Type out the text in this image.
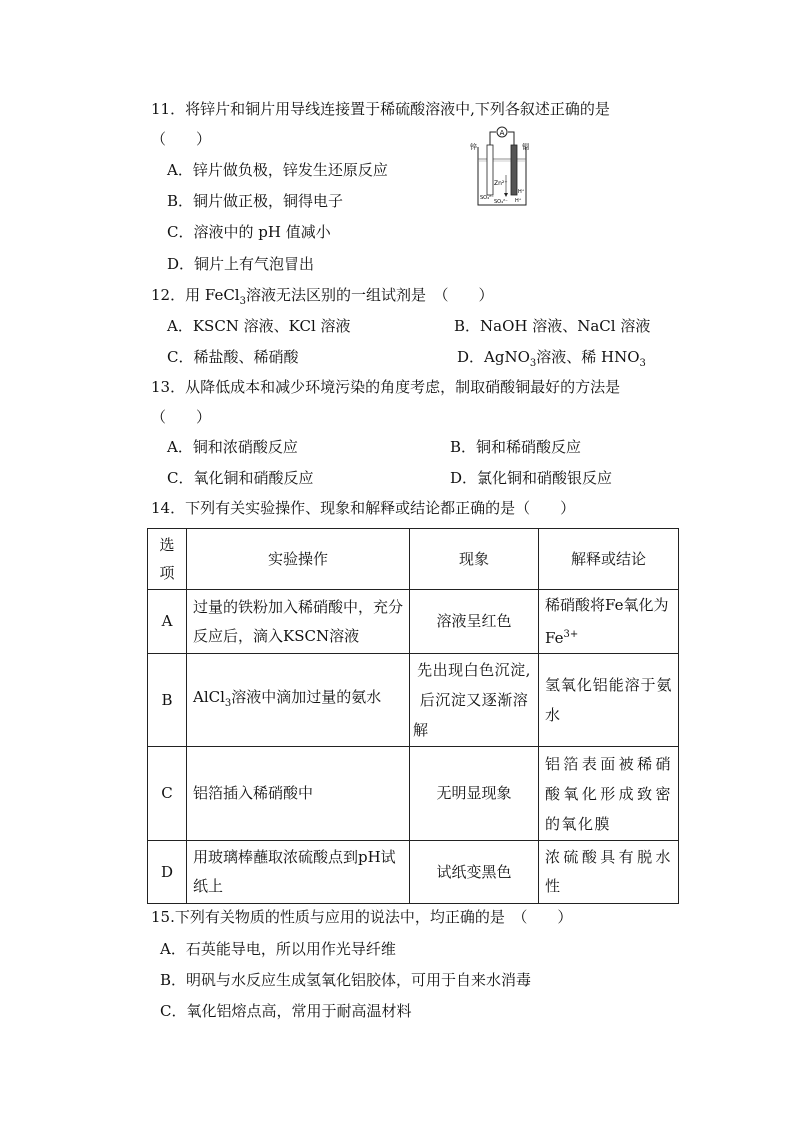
11．将锌片和铜片用导线连接置于稀硫酸溶液中,下列各叙述正确的是
（　　）
A．锌片做负极，锌发生还原反应
B．铜片做正极，铜得电子
C．溶液中的 pH 值减小
D．铜片上有气泡冒出
A
锌	铜
Zn²⁺
SO₄²⁻
SO₄²⁻
H⁺
H⁺
12．用 FeCl$_3$溶液无法区别的一组试剂是　（　　）
A．KSCN 溶液、KCl 溶液	B．NaOH 溶液、NaCl 溶液
C．稀盐酸、稀硝酸	D．AgNO$_3$溶液、稀 $HNO_3$
13．从降低成本和减少环境污染的角度考虑，制取硝酸铜最好的方法是
（　　）
A．铜和浓硝酸反应	B．铜和稀硝酸反应
C．氧化铜和硝酸反应	D．氯化铜和硝酸银反应
14．下列有关实验操作、现象和解释或结论都正确的是（　　）
选项	实验操作	现象	解释或结论
A	过量的铁粉加入稀硝酸中，充分反应后，滴入KSCN溶液	溶液呈红色	稀硝酸将Fe氧化为$Fe^{3+}$
B	AlCl$_3$溶液中滴加过量的氨水	先出现白色沉淀,后沉淀又逐渐溶解	氢氧化铝能溶于氨水
C	铝箔插入稀硝酸中	无明显现象	铝箔表面被稀硝酸氧化形成致密的氧化膜
D	用玻璃棒蘸取浓硫酸点到pH试纸上	试纸变黑色	浓硫酸具有脱水性
15.下列有关物质的性质与应用的说法中，均正确的是　（　　）
A．石英能导电，所以用作光导纤维
B．明矾与水反应生成氢氧化铝胶体，可用于自来水消毒
C．氧化铝熔点高，常用于耐高温材料
